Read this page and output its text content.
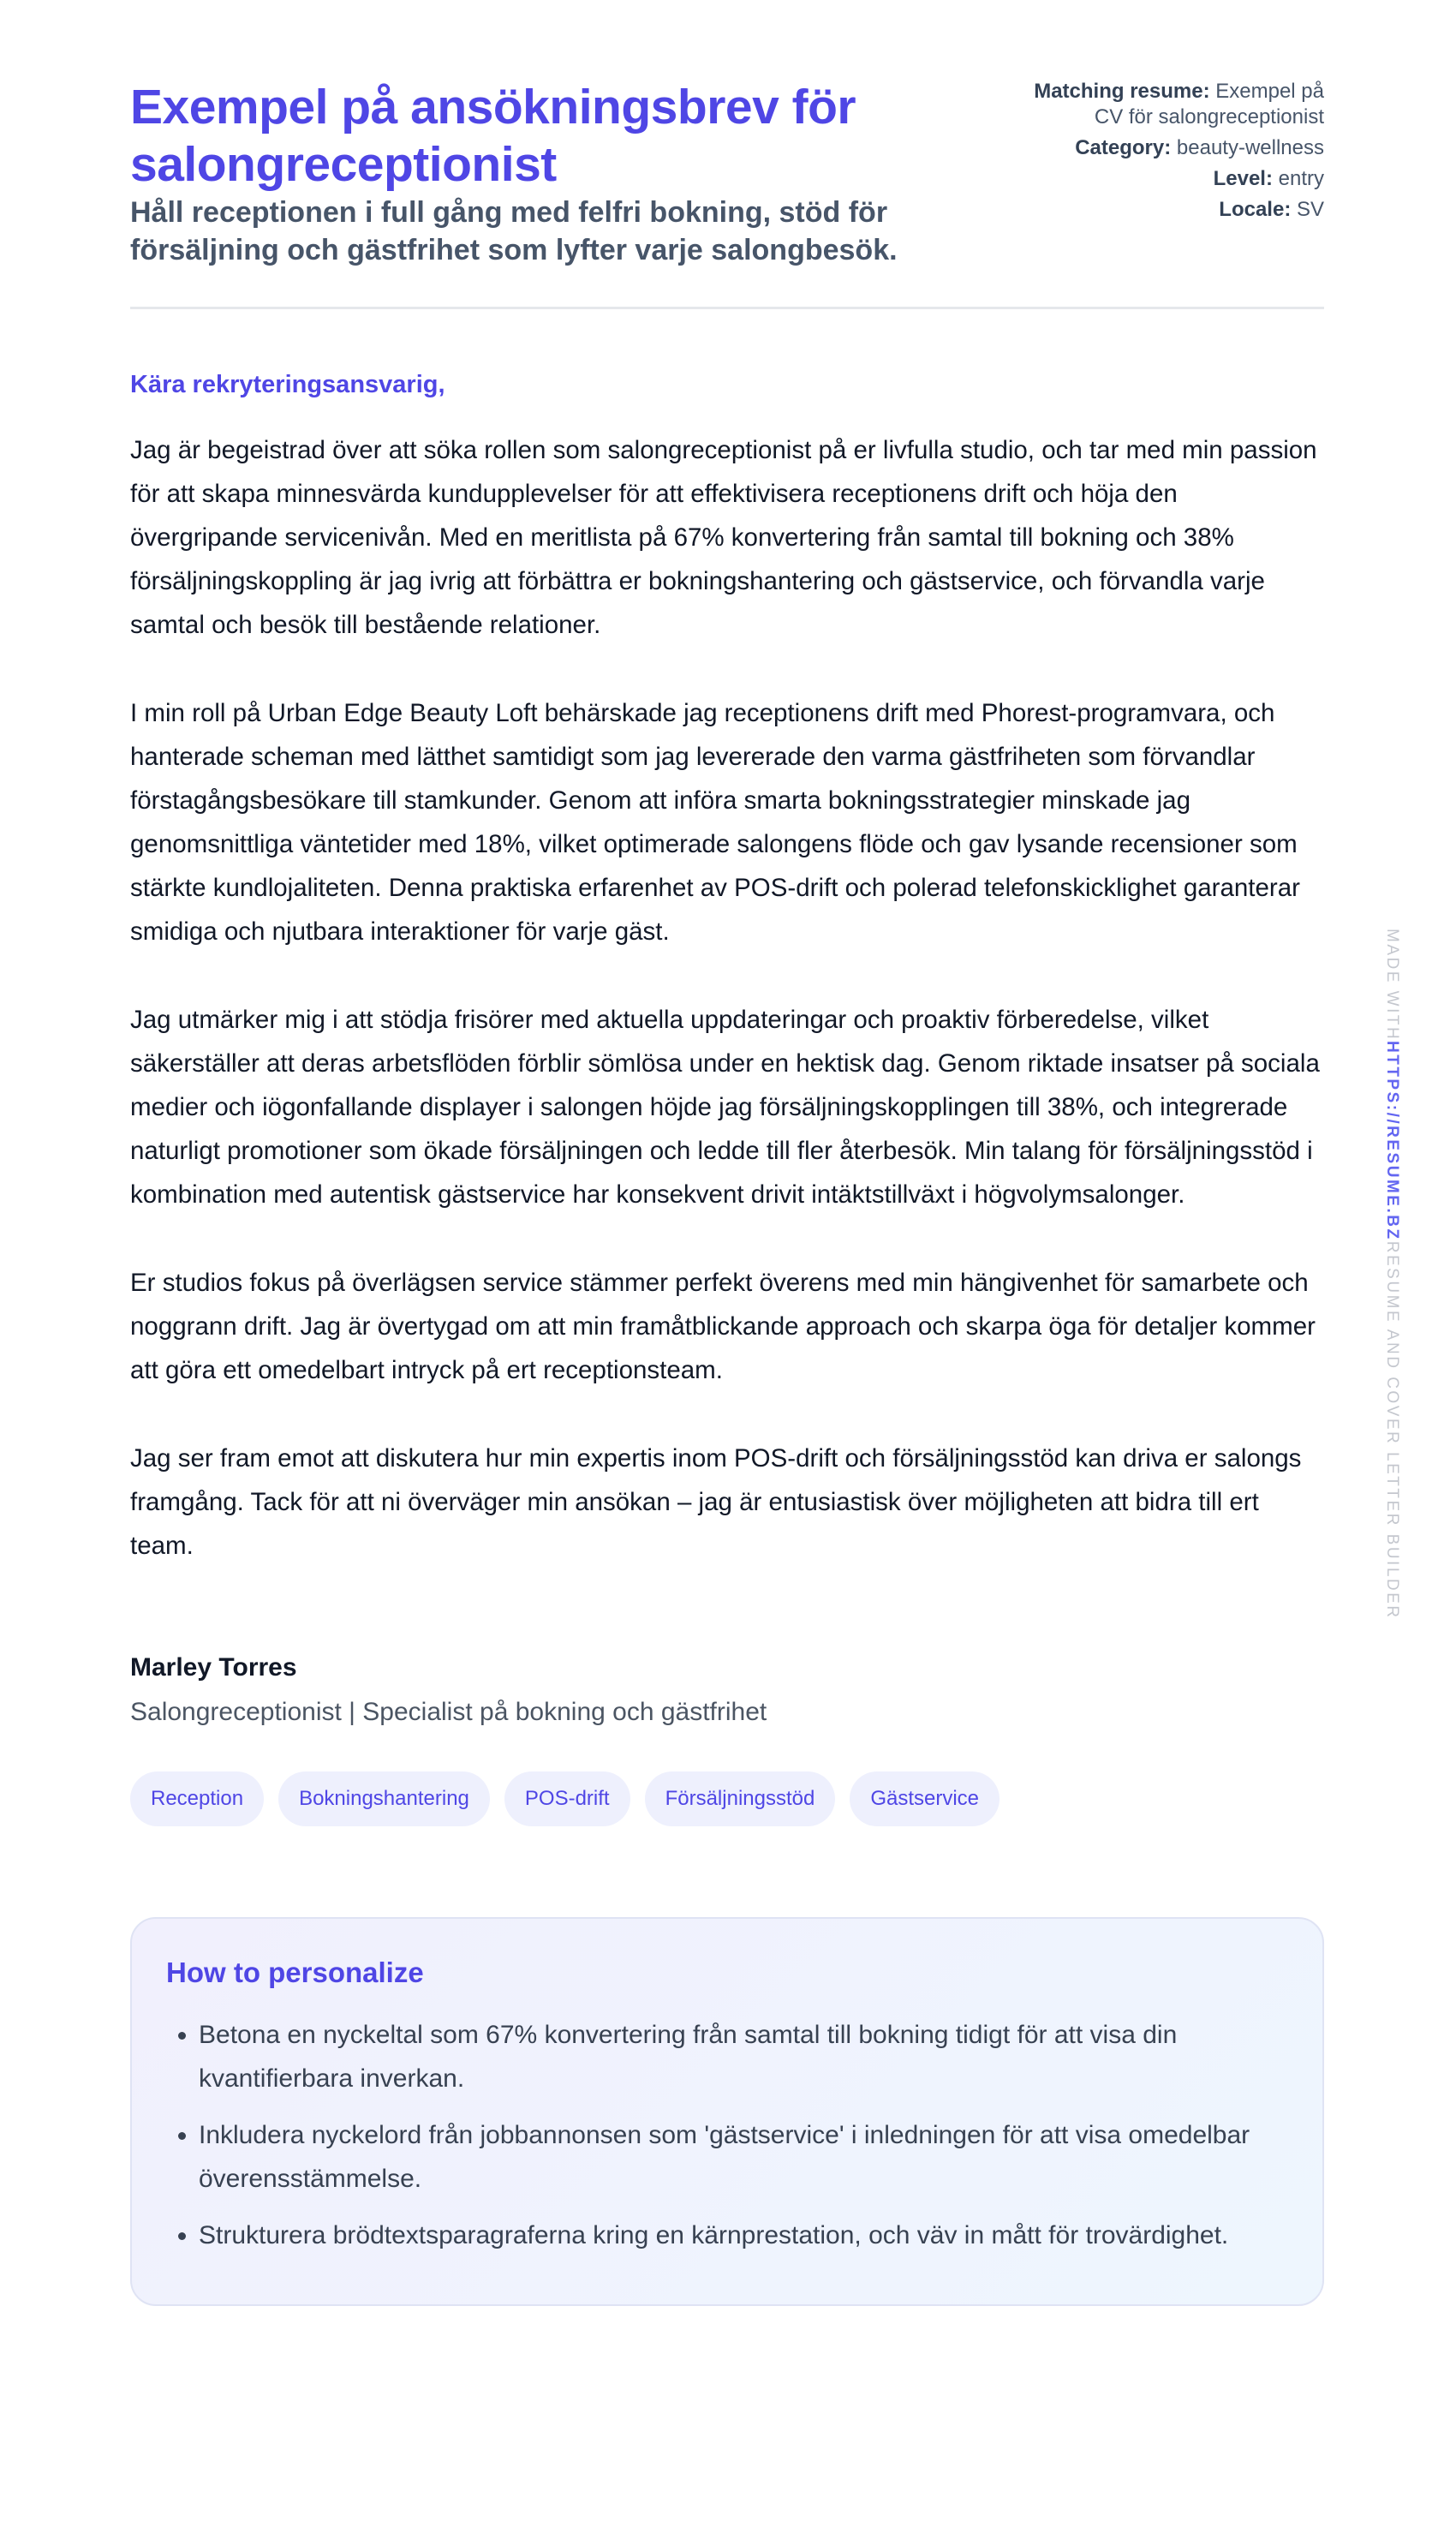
Exempel på ansökningsbrev för salongreceptionist

Håll receptionen i full gång med felfri bokning, stöd för försäljning och gästfrihet som lyfter varje salongbesök.

Matching resume: Exempel på CV för salongreceptionist
Category: beauty-wellness
Level: entry
Locale: SV
Kära rekryteringsansvarig,

Jag är begeistrad över att söka rollen som salongreceptionist på er livfulla studio, och tar med min passion för att skapa minnesvärda kundupplevelser för att effektivisera receptionens drift och höja den övergripande servicenivån. Med en meritlista på 67% konvertering från samtal till bokning och 38% försäljningskoppling är jag ivrig att förbättra er bokningshantering och gästservice, och förvandla varje samtal och besök till bestående relationer.

I min roll på Urban Edge Beauty Loft behärskade jag receptionens drift med Phorest-programvara, och hanterade scheman med lätthet samtidigt som jag levererade den varma gästfriheten som förvandlar förstagångsbesökare till stamkunder. Genom att införa smarta bokningsstrategier minskade jag genomsnittliga väntetider med 18%, vilket optimerade salongens flöde och gav lysande recensioner som stärkte kundlojaliteten. Denna praktiska erfarenhet av POS-drift och polerad telefonskicklighet garanterar smidiga och njutbara interaktioner för varje gäst.

Jag utmärker mig i att stödja frisörer med aktuella uppdateringar och proaktiv förberedelse, vilket säkerställer att deras arbetsflöden förblir sömlösa under en hektisk dag. Genom riktade insatser på sociala medier och iögonfallande displayer i salongen höjde jag försäljningskopplingen till 38%, och integrerade naturligt promotioner som ökade försäljningen och ledde till fler återbesök. Min talang för försäljningsstöd i kombination med autentisk gästservice har konsekvent drivit intäktstillväxt i högvolymsalonger.

Er studios fokus på överlägsen service stämmer perfekt överens med min hängivenhet för samarbete och noggrann drift. Jag är övertygad om att min framåtblickande approach och skarpa öga för detaljer kommer att göra ett omedelbart intryck på ert receptionsteam.

Jag ser fram emot att diskutera hur min expertis inom POS-drift och försäljningsstöd kan driva er salongs framgång. Tack för att ni överväger min ansökan – jag är entusiastisk över möjligheten att bidra till ert team.

Marley Torres
Salongreceptionist | Specialist på bokning och gästfrihet
Reception	Bokningshantering	POS-drift	Försäljningsstöd	Gästservice
How to personalize
• Betona en nyckeltal som 67% konvertering från samtal till bokning tidigt för att visa din kvantifierbara inverkan.
• Inkludera nyckelord från jobbannonsen som 'gästservice' i inledningen för att visa omedelbar överensstämmelse.
• Strukturera brödtextsparagraferna kring en kärnprestation, och väv in mått för trovärdighet.
MADE WITHHTTPS://RESUME.BZRESUME AND COVER LETTER BUILDER
